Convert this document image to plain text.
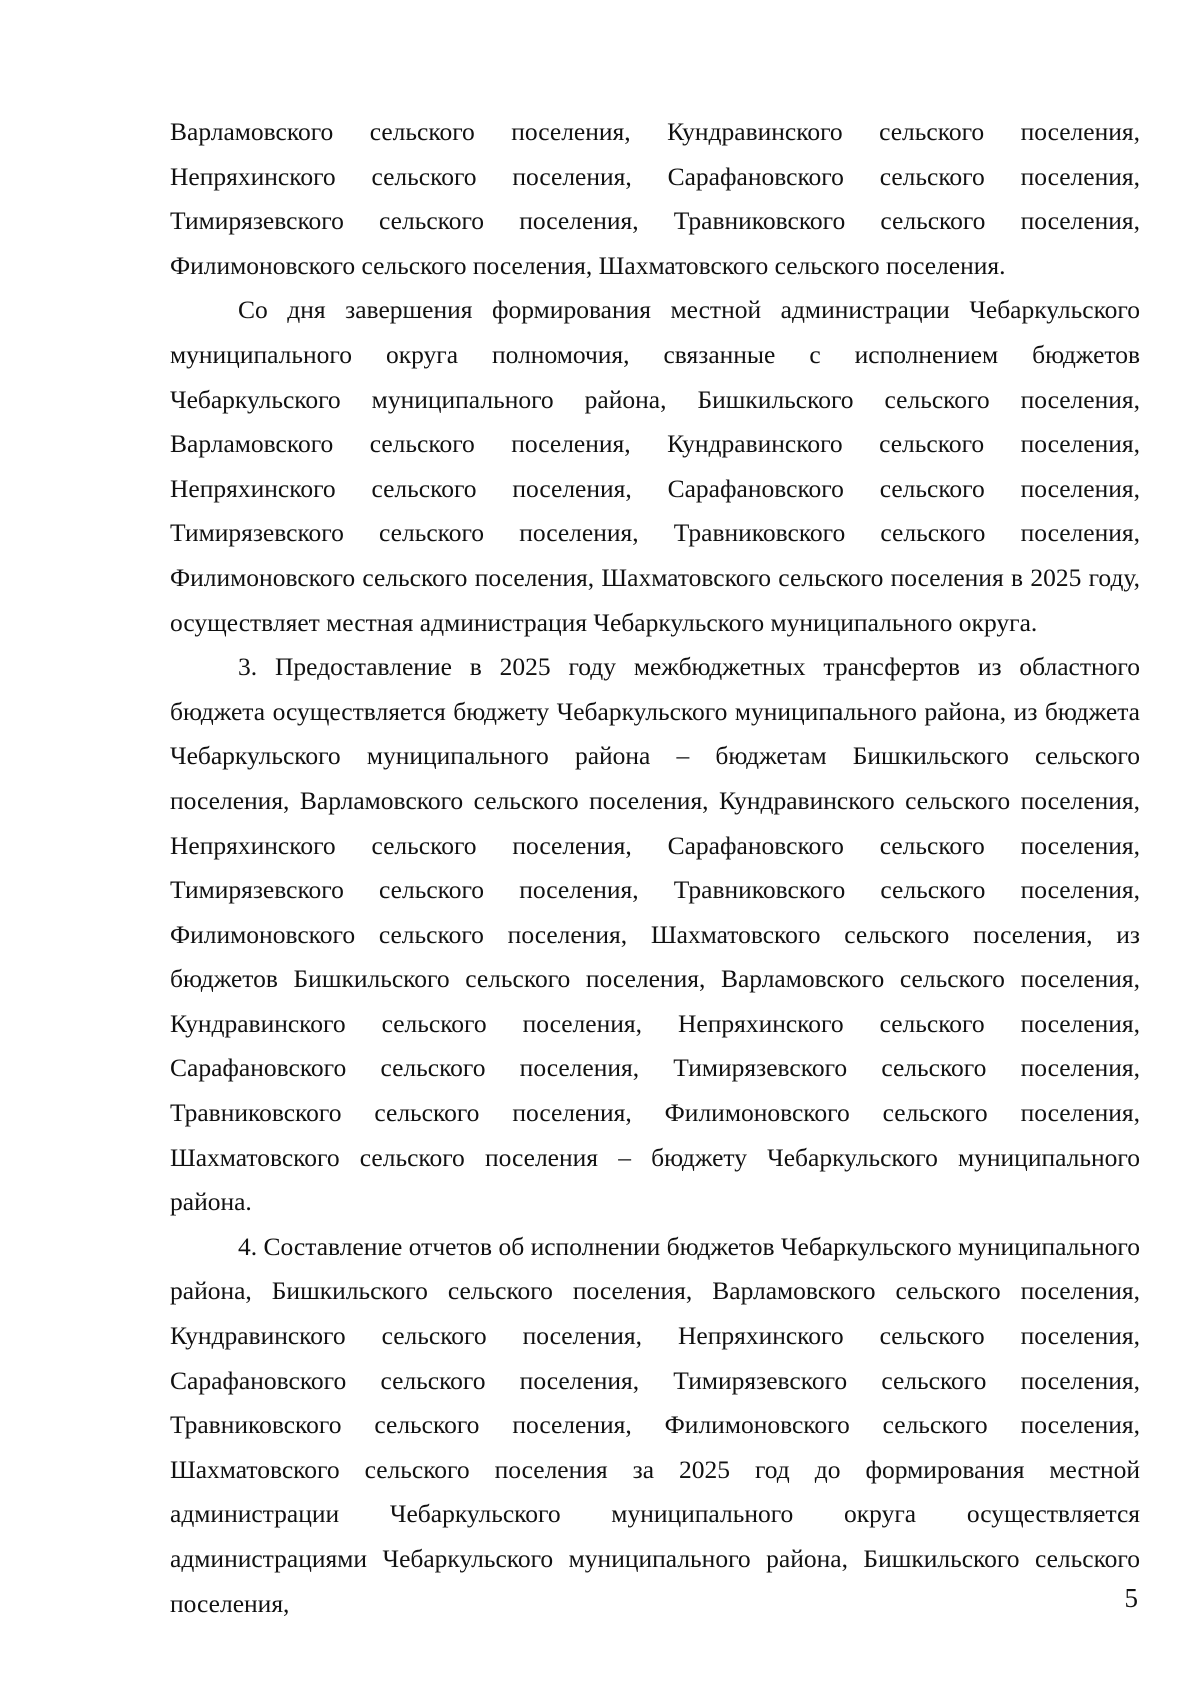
Варламовского сельского поселения, Кундравинского сельского поселения, Непряхинского сельского поселения, Сарафановского сельского поселения, Тимирязевского сельского поселения, Травниковского сельского поселения, Филимоновского сельского поселения, Шахматовского сельского поселения.

Со дня завершения формирования местной администрации Чебаркульского муниципального округа полномочия, связанные с исполнением бюджетов Чебаркульского муниципального района, Бишкильского сельского поселения, Варламовского сельского поселения, Кундравинского сельского поселения, Непряхинского сельского поселения, Сарафановского сельского поселения, Тимирязевского сельского поселения, Травниковского сельского поселения, Филимоновского сельского поселения, Шахматовского сельского поселения в 2025 году, осуществляет местная администрация Чебаркульского муниципального округа.

3. Предоставление в 2025 году межбюджетных трансфертов из областного бюджета осуществляется бюджету Чебаркульского муниципального района, из бюджета Чебаркульского муниципального района – бюджетам Бишкильского сельского поселения, Варламовского сельского поселения, Кундравинского сельского поселения, Непряхинского сельского поселения, Сарафановского сельского поселения, Тимирязевского сельского поселения, Травниковского сельского поселения, Филимоновского сельского поселения, Шахматовского сельского поселения, из бюджетов Бишкильского сельского поселения, Варламовского сельского поселения, Кундравинского сельского поселения, Непряхинского сельского поселения, Сарафановского сельского поселения, Тимирязевского сельского поселения, Травниковского сельского поселения, Филимоновского сельского поселения, Шахматовского сельского поселения – бюджету Чебаркульского муниципального района.

4. Составление отчетов об исполнении бюджетов Чебаркульского муниципального района, Бишкильского сельского поселения, Варламовского сельского поселения, Кундравинского сельского поселения, Непряхинского сельского поселения, Сарафановского сельского поселения, Тимирязевского сельского поселения, Травниковского сельского поселения, Филимоновского сельского поселения, Шахматовского сельского поселения за 2025 год до формирования местной администрации Чебаркульского муниципального округа осуществляется администрациями Чебаркульского муниципального района, Бишкильского сельского поселения,	5
